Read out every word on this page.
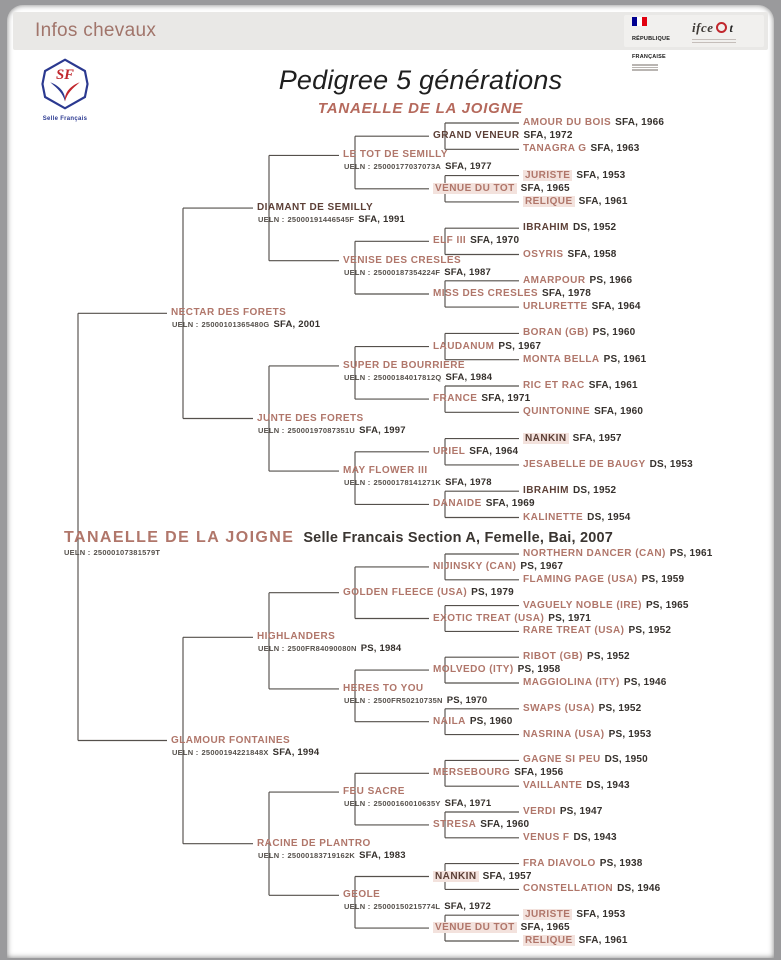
Infos chevaux	RÉPUBLIQUE
FRANÇAISE
ifce t
SF
Selle Français
Pedigree 5 générations
TANAELLE DE LA JOIGNE
TANAELLE DE LA JOIGNE Selle Francais Section A, Femelle, Bai, 2007
UELN : 25000107381579T
NECTAR DES FORETS
UELN : 25000101365480G SFA, 2001
DIAMANT DE SEMILLY
UELN : 25000191446545F SFA, 1991
LE TOT DE SEMILLY
UELN : 25000177037073A SFA, 1977
GRAND VENEUR SFA, 1972
AMOUR DU BOIS SFA, 1966
TANAGRA G SFA, 1963
VENUE DU TOT SFA, 1965
JURISTE SFA, 1953
RELIQUE SFA, 1961
VENISE DES CRESLES
UELN : 25000187354224F SFA, 1987
ELF III SFA, 1970
IBRAHIM DS, 1952
OSYRIS SFA, 1958
MISS DES CRESLES SFA, 1978
AMARPOUR PS, 1966
URLURETTE SFA, 1964
JUNTE DES FORETS
UELN : 25000197087351U SFA, 1997
SUPER DE BOURRIERE
UELN : 25000184017812Q SFA, 1984
LAUDANUM PS, 1967
BORAN (GB) PS, 1960
MONTA BELLA PS, 1961
FRANCE SFA, 1971
RIC ET RAC SFA, 1961
QUINTONINE SFA, 1960
MAY FLOWER III
UELN : 25000178141271K SFA, 1978
URIEL SFA, 1964
NANKIN SFA, 1957
JESABELLE DE BAUGY DS, 1953
DANAIDE SFA, 1969
IBRAHIM DS, 1952
KALINETTE DS, 1954
GLAMOUR FONTAINES
UELN : 25000194221848X SFA, 1994
HIGHLANDERS
UELN : 2500FR84090080N PS, 1984
GOLDEN FLEECE (USA) PS, 1979
NIJINSKY (CAN) PS, 1967
NORTHERN DANCER (CAN) PS, 1961
FLAMING PAGE (USA) PS, 1959
EXOTIC TREAT (USA) PS, 1971
VAGUELY NOBLE (IRE) PS, 1965
RARE TREAT (USA) PS, 1952
HERES TO YOU
UELN : 2500FR50210735N PS, 1970
MOLVEDO (ITY) PS, 1958
RIBOT (GB) PS, 1952
MAGGIOLINA (ITY) PS, 1946
NAILA PS, 1960
SWAPS (USA) PS, 1952
NASRINA (USA) PS, 1953
RACINE DE PLANTRO
UELN : 25000183719162K SFA, 1983
FEU SACRE
UELN : 25000160010635Y SFA, 1971
MERSEBOURG SFA, 1956
GAGNE SI PEU DS, 1950
VAILLANTE DS, 1943
STRESA SFA, 1960
VERDI PS, 1947
VENUS F DS, 1943
GEOLE
UELN : 25000150215774L SFA, 1972
NANKIN SFA, 1957
FRA DIAVOLO PS, 1938
CONSTELLATION DS, 1946
VENUE DU TOT SFA, 1965
JURISTE SFA, 1953
RELIQUE SFA, 1961
